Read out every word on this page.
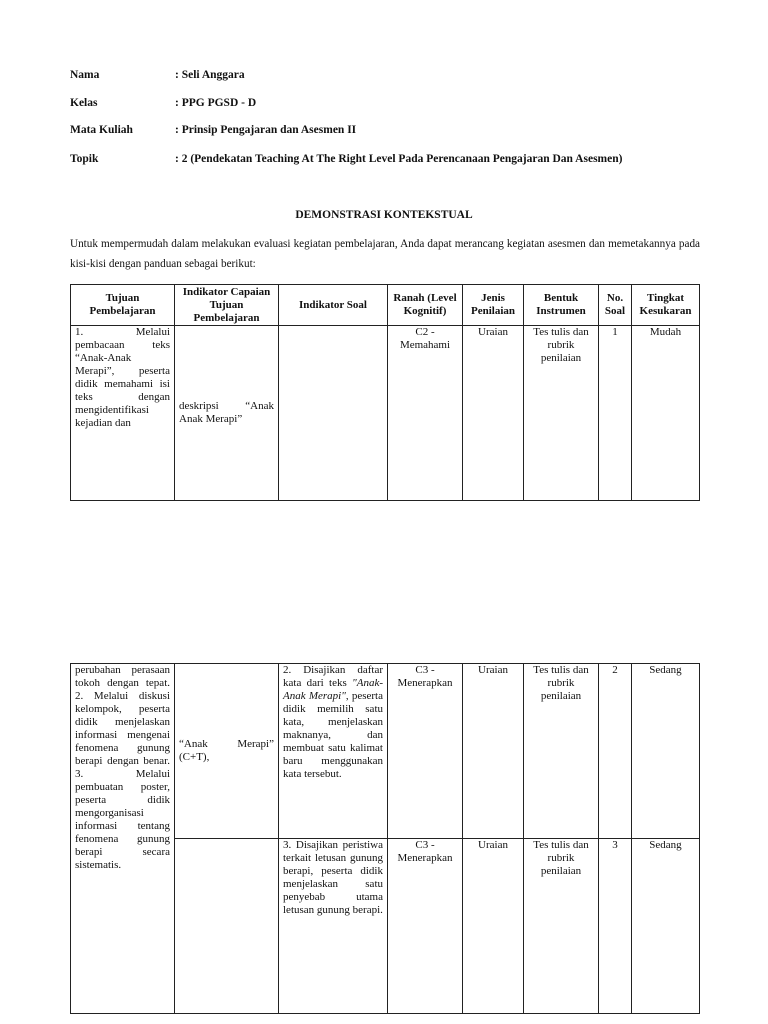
Nama	: Seli Anggara
Kelas	: PPG PGSD - D
Mata Kuliah	: Prinsip Pengajaran dan Asesmen II
Topik	: 2 (Pendekatan Teaching At The Right Level Pada Perencanaan Pengajaran Dan Asesmen)
DEMONSTRASI KONTEKSTUAL
Untuk mempermudah dalam melakukan evaluasi kegiatan pembelajaran, Anda dapat merancang kegiatan asesmen dan memetakannya pada kisi-kisi dengan panduan sebagai berikut:
Tujuan Pembelajaran	Indikator Capaian Tujuan Pembelajaran	Indikator Soal	Ranah (Level Kognitif)	Jenis Penilaian	Bentuk Instrumen	No. Soal	Tingkat Kesukaran
1. Melalui pembacaan teks “Anak-Anak Merapi”, peserta didik memahami isi teks dengan mengidentifikasi kejadian dan	deskripsi “Anak Anak Merapi”		C2 - Memahami	Uraian	Tes tulis dan rubrik penilaian	1	Mudah
perubahan perasaan tokoh dengan tepat. 2. Melalui diskusi kelompok, peserta didik menjelaskan informasi mengenai fenomena gunung berapi dengan benar. 3. Melalui pembuatan poster, peserta didik mengorganisasi informasi tentang fenomena gunung berapi secara sistematis.	“Anak Merapi” (C+T),	2. Disajikan daftar kata dari teks "Anak-Anak Merapi", peserta didik memilih satu kata, menjelaskan maknanya, dan membuat satu kalimat baru menggunakan kata tersebut.	C3 - Menerapkan	Uraian	Tes tulis dan rubrik penilaian	2	Sedang
		3. Disajikan peristiwa terkait letusan gunung berapi, peserta didik menjelaskan satu penyebab utama letusan gunung berapi.	C3 - Menerapkan	Uraian	Tes tulis dan rubrik penilaian	3	Sedang
